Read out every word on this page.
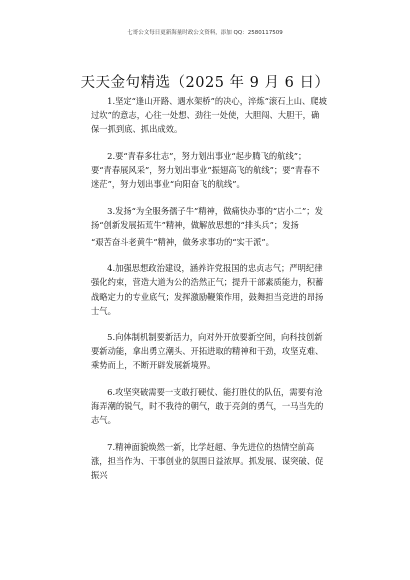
七哥公文每日更新海量时政公文资料，添加 QQ：2580117509
天天金句精选（2025 年 9 月 6 日）

1.坚定“逢山开路、遇水架桥”的决心，淬炼“滚石上山、爬坡过坎”的意志，心往一处想、劲往一处使，大胆闯、大胆干，确保一抓到底、抓出成效。

2.要“青春多壮志”，努力划出事业“起步腾飞的航线”；要“青春展风采”，努力划出事业“振翅高飞的航线”；要“青春不迷茫”，努力划出事业“向阳奋飞的航线”。

3.发扬“为全服务孺子牛”精神，做痛快办事的“店小二”；发扬“创新发展拓荒牛”精神，做解放思想的“排头兵”；发扬

“艰苦奋斗老黄牛”精神，做务求事功的“实干派”。

4.加强思想政治建设，涵养许党报国的忠贞志气；严明纪律强化约束，营造大道为公的浩然正气；提升干部素质能力，积蓄战略定力的专业底气；发挥激励鞭策作用，鼓舞担当竞进的昂扬士气。

5.向体制机制要新活力，向对外开放要新空间，向科技创新要新动能，拿出勇立潮头、开拓进取的精神和干劲，攻坚克难、乘势而上，不断开辟发展新境界。

6.攻坚突破需要一支敢打硬仗、能打胜仗的队伍，需要有沧海弄潮的锐气，时不我待的朝气，敢于亮剑的勇气，一马当先的志气。

7.精神面貌焕然一新，比学赶超、争先进位的热情空前高涨，担当作为、干事创业的氛围日益浓厚。抓发展、谋突破、促振兴
